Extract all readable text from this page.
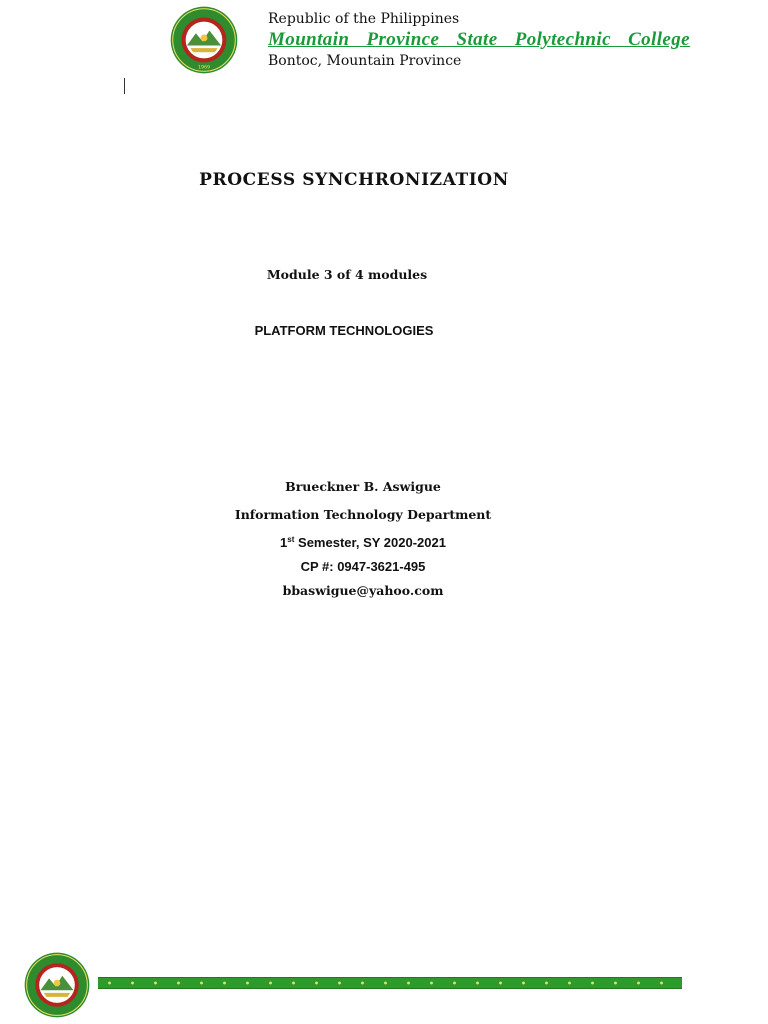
1969
Republic of the Philippines
Mountain Province State Polytechnic College
Bontoc, Mountain Province
PROCESS SYNCHRONIZATION
Module 3 of 4 modules
PLATFORM TECHNOLOGIES
Brueckner B. Aswigue
Information Technology Department
1st Semester, SY 2020-2021
CP #: 0947-3621-495
bbaswigue@yahoo.com
